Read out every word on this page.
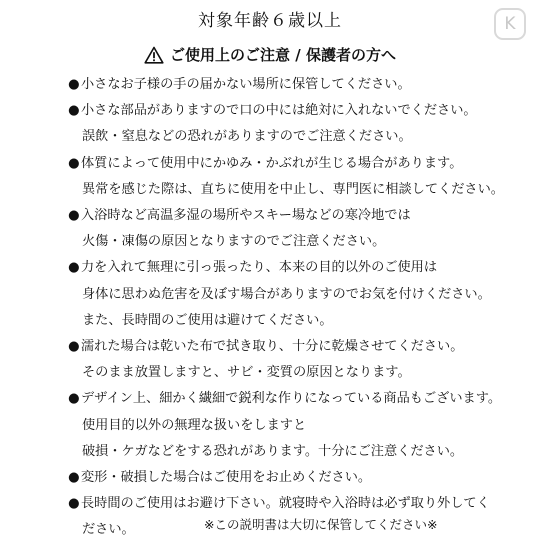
対象年齢６歳以上	K
ご使用上のご注意 / 保護者の方へ
●小さなお子様の手の届かない場所に保管してください。
●小さな部品がありますので口の中には絶対に入れないでください。
誤飲・窒息などの恐れがありますのでご注意ください。
●体質によって使用中にかゆみ・かぶれが生じる場合があります。
異常を感じた際は、直ちに使用を中止し、専門医に相談してください。
●入浴時など高温多湿の場所やスキー場などの寒冷地では
火傷・凍傷の原因となりますのでご注意ください。
●力を入れて無理に引っ張ったり、本来の目的以外のご使用は
身体に思わぬ危害を及ぼす場合がありますのでお気を付けください。
また、長時間のご使用は避けてください。
●濡れた場合は乾いた布で拭き取り、十分に乾燥させてください。
そのまま放置しますと、サビ・変質の原因となります。
●デザイン上、細かく繊細で鋭利な作りになっている商品もございます。
使用目的以外の無理な扱いをしますと
破損・ケガなどをする恐れがあります。十分にご注意ください。
●変形・破損した場合はご使用をお止めください。
●長時間のご使用はお避け下さい。就寝時や入浴時は必ず取り外してく
ださい。	※この説明書は大切に保管してください※
